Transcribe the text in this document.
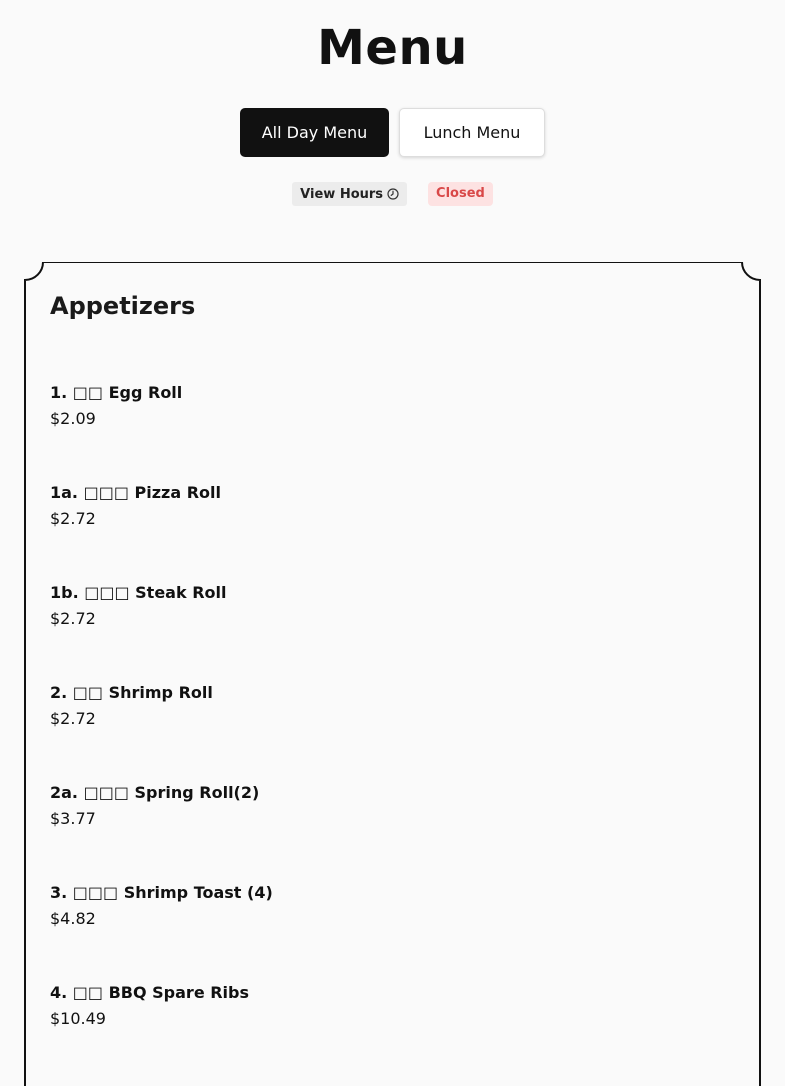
Menu
All Day Menu	Lunch Menu
View Hours	Closed
Appetizers
1. □□ Egg Roll
$2.09
1a. □□□ Pizza Roll
$2.72
1b. □□□ Steak Roll
$2.72
2. □□ Shrimp Roll
$2.72
2a. □□□ Spring Roll(2)
$3.77
3. □□□ Shrimp Toast (4)
$4.82
4. □□ BBQ Spare Ribs
$10.49
